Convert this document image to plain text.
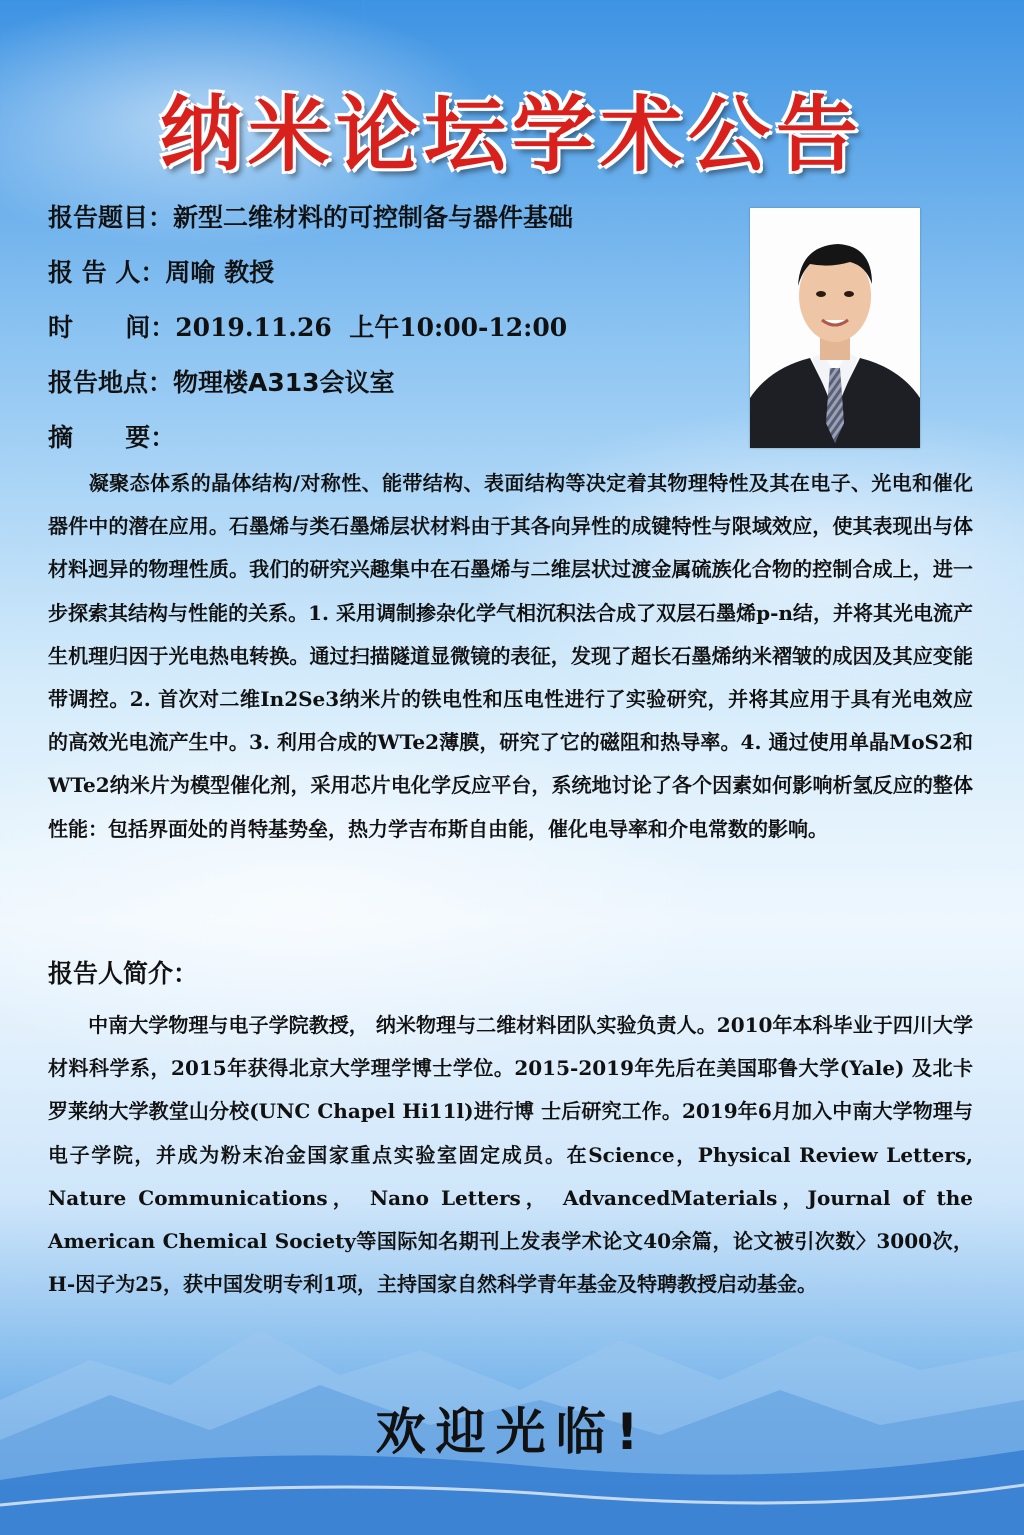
纳米论坛学术公告
报告题目：新型二维材料的可控制备与器件基础
报 告 人：周喻 教授
时      间：2019.11.26  上午10:00-12:00
报告地点：物理楼A313会议室
摘      要：

　　凝聚态体系的晶体结构/对称性、能带结构、表面结构等决定着其物理特性及其在电子、光电和催化器件中的潜在应用。石墨烯与类石墨烯层状材料由于其各向异性的成键特性与限域效应，使其表现出与体材料迥异的物理性质。我们的研究兴趣集中在石墨烯与二维层状过渡金属硫族化合物的控制合成上，进一步探索其结构与性能的关系。1. 采用调制掺杂化学气相沉积法合成了双层石墨烯p-n结，并将其光电流产生机理归因于光电热电转换。通过扫描隧道显微镜的表征，发现了超长石墨烯纳米褶皱的成因及其应变能带调控。2. 首次对二维In2Se3纳米片的铁电性和压电性进行了实验研究，并将其应用于具有光电效应的高效光电流产生中。3. 利用合成的WTe2薄膜，研究了它的磁阻和热导率。4. 通过使用单晶MoS2和WTe2纳米片为模型催化剂，采用芯片电化学反应平台，系统地讨论了各个因素如何影响析氢反应的整体性能：包括界面处的肖特基势垒，热力学吉布斯自由能，催化电导率和介电常数的影响。

报告人简介：

　　中南大学物理与电子学院教授， 纳米物理与二维材料团队实验负责人。2010年本科毕业于四川大学材料科学系，2015年获得北京大学理学博士学位。2015-2019年先后在美国耶鲁大学(Yale) 及北卡罗莱纳大学教堂山分校(UNC Chapel Hi11l)进行博 士后研究工作。2019年6月加入中南大学物理与电子学院，并成为粉末冶金国家重点实验室固定成员。在Science，Physical Review Letters, Nature Communications， Nano Letters， AdvancedMaterials，Journal of the American Chemical Society等国际知名期刊上发表学术论文40余篇，论文被引次数〉3000次， H-因子为25，获中国发明专利1项，主持国家自然科学青年基金及特聘教授启动基金。

欢迎光临!
